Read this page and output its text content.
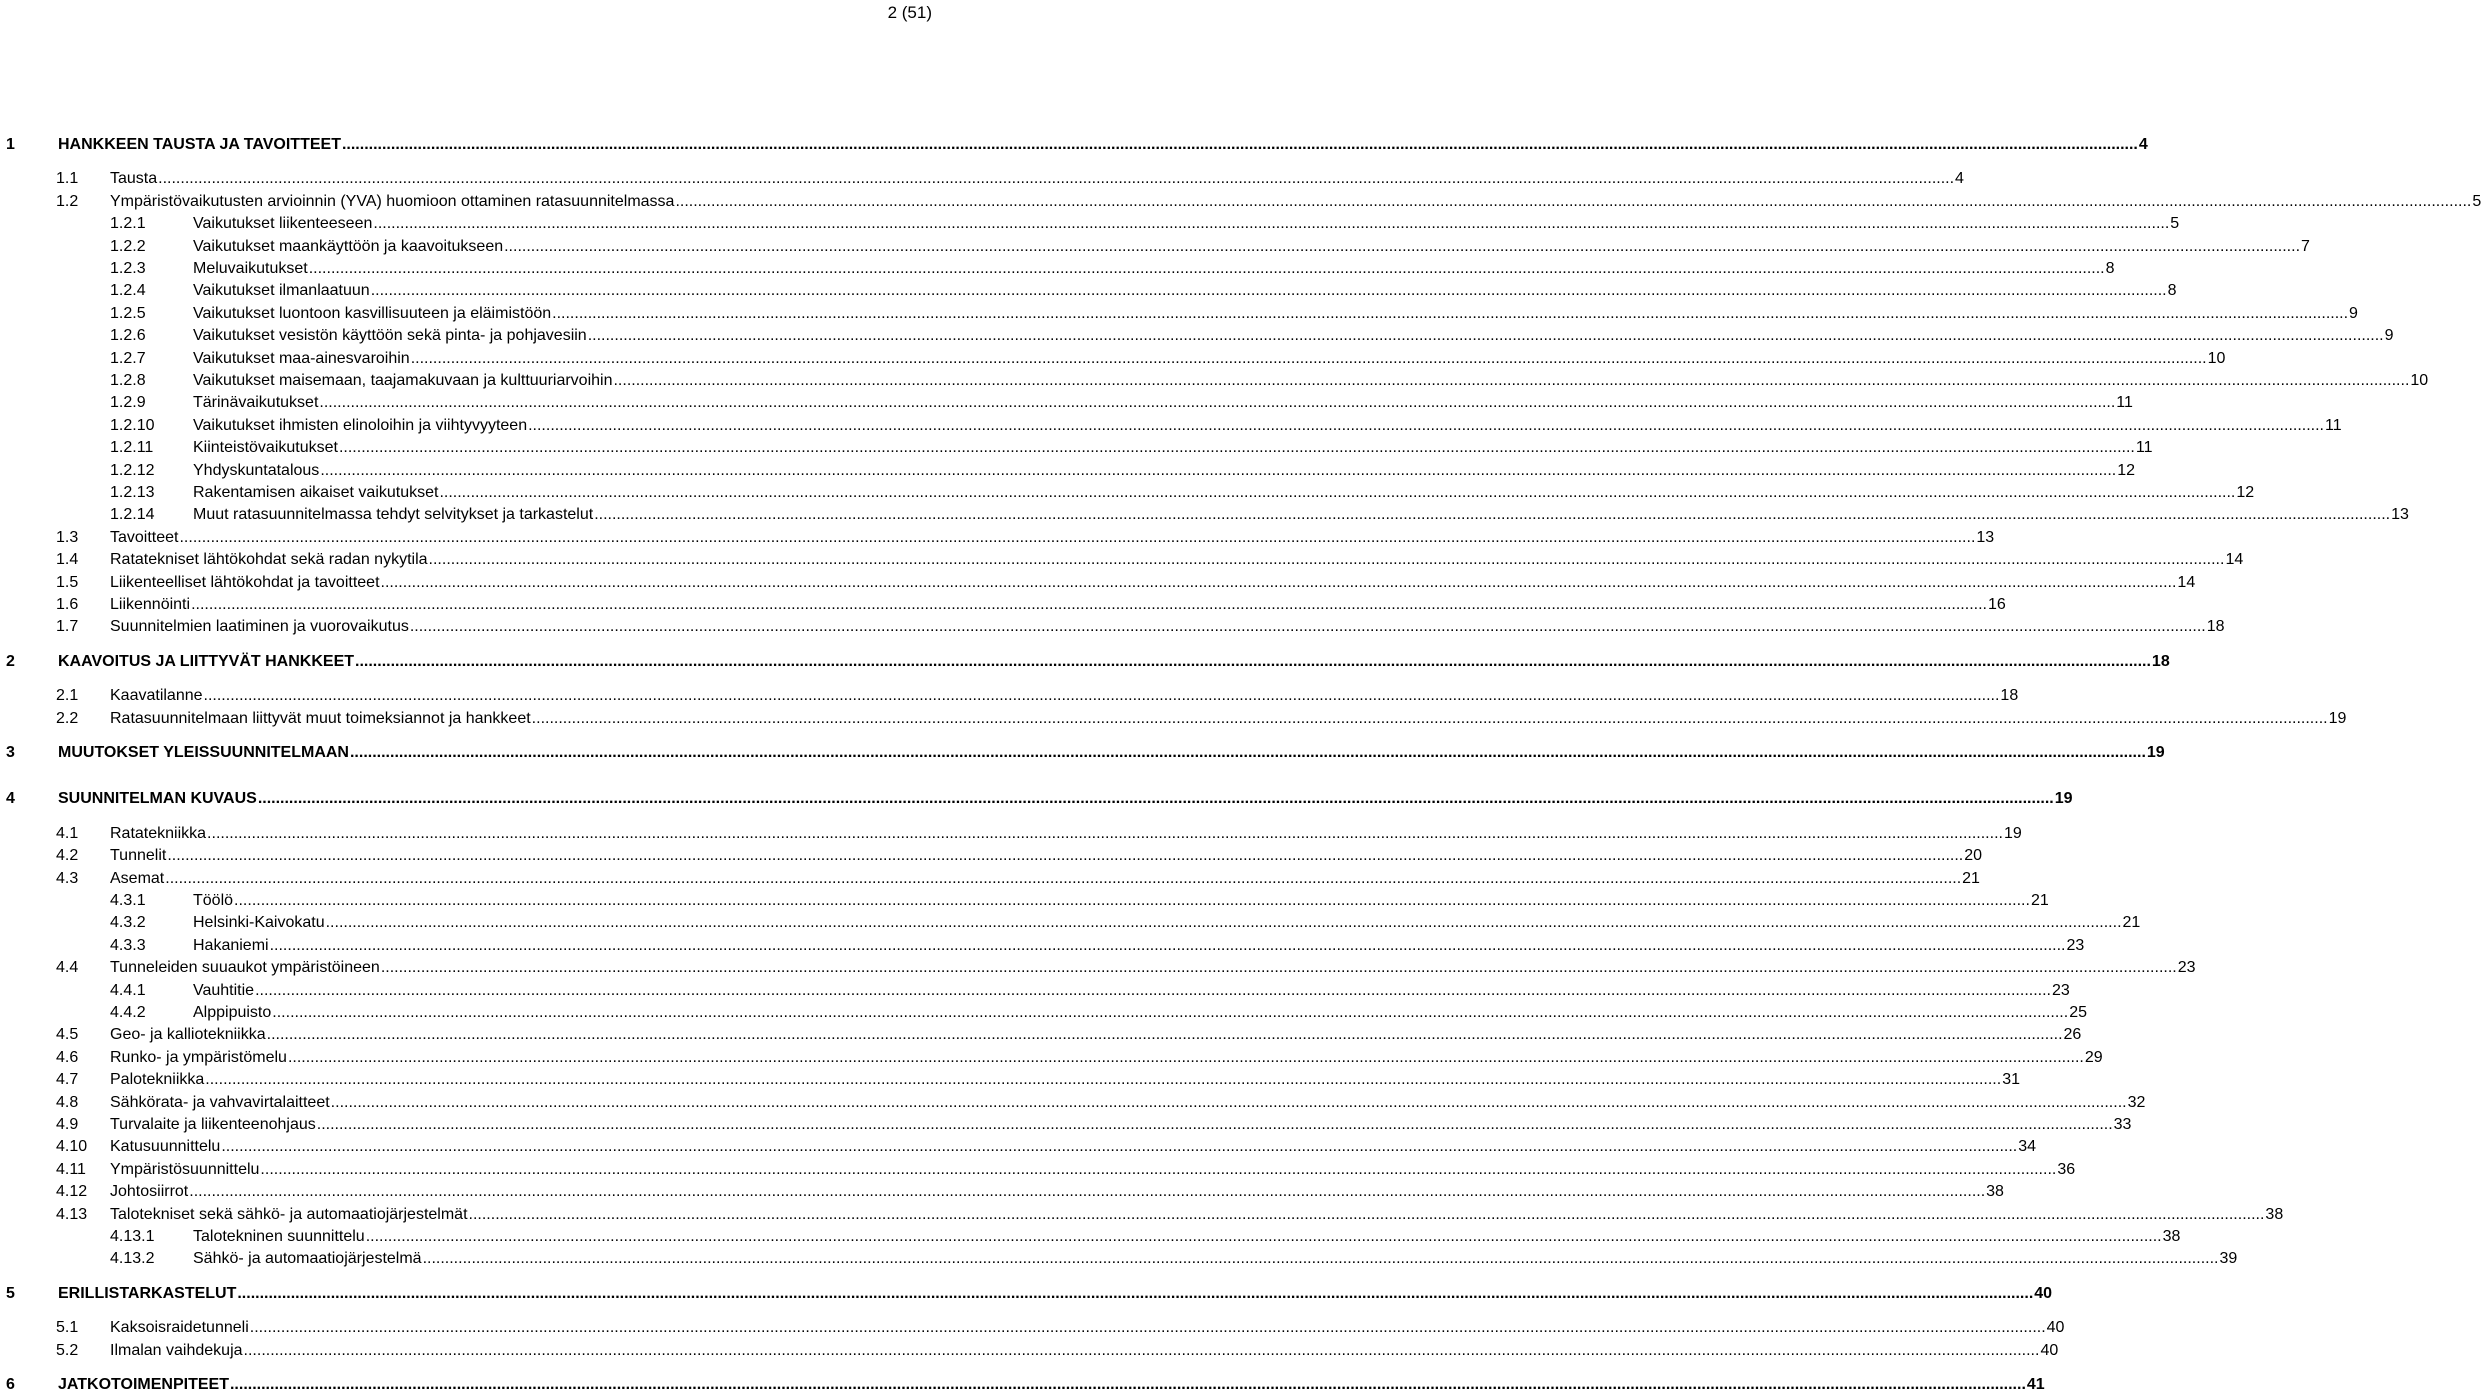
2 (51)
1	HANKKEEN TAUSTA JA TAVOITTEET .................................................................................................................................................................................................................................................................................................................................................................................................................... 4
1.1 Tausta .................................................................................................................................................................................................................................................................................................................................................................................................................... 4
1.2 Ympäristövaikutusten arvioinnin (YVA) huomioon ottaminen ratasuunnitelmassa .................................................................................................................................................................................................................................................................................................................................................................................................................... 5
1.2.1	Vaikutukset liikenteeseen .................................................................................................................................................................................................................................................................................................................................................................................................................... 5
1.2.2	Vaikutukset maankäyttöön ja kaavoitukseen .................................................................................................................................................................................................................................................................................................................................................................................................................... 7
1.2.3	Meluvaikutukset .................................................................................................................................................................................................................................................................................................................................................................................................................... 8
1.2.4	Vaikutukset ilmanlaatuun .................................................................................................................................................................................................................................................................................................................................................................................................................... 8
1.2.5	Vaikutukset luontoon kasvillisuuteen ja eläimistöön .................................................................................................................................................................................................................................................................................................................................................................................................................... 9
1.2.6	Vaikutukset vesistön käyttöön sekä pinta- ja pohjavesiin .................................................................................................................................................................................................................................................................................................................................................................................................................... 9
1.2.7	Vaikutukset maa-ainesvaroihin .................................................................................................................................................................................................................................................................................................................................................................................................................... 10
1.2.8	Vaikutukset maisemaan, taajamakuvaan ja kulttuuriarvoihin .................................................................................................................................................................................................................................................................................................................................................................................................................... 10
1.2.9	Tärinävaikutukset .................................................................................................................................................................................................................................................................................................................................................................................................................... 11
1.2.10 Vaikutukset ihmisten elinoloihin ja viihtyvyyteen .................................................................................................................................................................................................................................................................................................................................................................................................................... 11
1.2.11 Kiinteistövaikutukset .................................................................................................................................................................................................................................................................................................................................................................................................................... 11
1.2.12 Yhdyskuntatalous .................................................................................................................................................................................................................................................................................................................................................................................................................... 12
1.2.13 Rakentamisen aikaiset vaikutukset .................................................................................................................................................................................................................................................................................................................................................................................................................... 12
1.2.14 Muut ratasuunnitelmassa tehdyt selvitykset ja tarkastelut .................................................................................................................................................................................................................................................................................................................................................................................................................... 13
1.3 Tavoitteet .................................................................................................................................................................................................................................................................................................................................................................................................................... 13
1.4 Ratatekniset lähtökohdat sekä radan nykytila .................................................................................................................................................................................................................................................................................................................................................................................................................... 14
1.5 Liikenteelliset lähtökohdat ja tavoitteet .................................................................................................................................................................................................................................................................................................................................................................................................................... 14
1.6 Liikennöinti .................................................................................................................................................................................................................................................................................................................................................................................................................... 16
1.7 Suunnitelmien laatiminen ja vuorovaikutus .................................................................................................................................................................................................................................................................................................................................................................................................................... 18
2	KAAVOITUS JA LIITTYVÄT HANKKEET .................................................................................................................................................................................................................................................................................................................................................................................................................... 18
2.1 Kaavatilanne .................................................................................................................................................................................................................................................................................................................................................................................................................... 18
2.2 Ratasuunnitelmaan liittyvät muut toimeksiannot ja hankkeet .................................................................................................................................................................................................................................................................................................................................................................................................................... 19
3	MUUTOKSET YLEISSUUNNITELMAAN .................................................................................................................................................................................................................................................................................................................................................................................................................... 19
4	SUUNNITELMAN KUVAUS .................................................................................................................................................................................................................................................................................................................................................................................................................... 19
4.1 Ratatekniikka .................................................................................................................................................................................................................................................................................................................................................................................................................... 19
4.2 Tunnelit .................................................................................................................................................................................................................................................................................................................................................................................................................... 20
4.3 Asemat .................................................................................................................................................................................................................................................................................................................................................................................................................... 21
4.3.1	Töölö .................................................................................................................................................................................................................................................................................................................................................................................................................... 21
4.3.2	Helsinki-Kaivokatu .................................................................................................................................................................................................................................................................................................................................................................................................................... 21
4.3.3	Hakaniemi .................................................................................................................................................................................................................................................................................................................................................................................................................... 23
4.4 Tunneleiden suuaukot ympäristöineen .................................................................................................................................................................................................................................................................................................................................................................................................................... 23
4.4.1	Vauhtitie .................................................................................................................................................................................................................................................................................................................................................................................................................... 23
4.4.2	Alppipuisto .................................................................................................................................................................................................................................................................................................................................................................................................................... 25
4.5 Geo- ja kalliotekniikka .................................................................................................................................................................................................................................................................................................................................................................................................................... 26
4.6 Runko- ja ympäristömelu .................................................................................................................................................................................................................................................................................................................................................................................................................... 29
4.7 Palotekniikka .................................................................................................................................................................................................................................................................................................................................................................................................................... 31
4.8 Sähkörata- ja vahvavirtalaitteet .................................................................................................................................................................................................................................................................................................................................................................................................................... 32
4.9 Turvalaite ja liikenteenohjaus .................................................................................................................................................................................................................................................................................................................................................................................................................... 33
4.10 Katusuunnittelu .................................................................................................................................................................................................................................................................................................................................................................................................................... 34
4.11 Ympäristösuunnittelu .................................................................................................................................................................................................................................................................................................................................................................................................................... 36
4.12 Johtosiirrot .................................................................................................................................................................................................................................................................................................................................................................................................................... 38
4.13 Talotekniset sekä sähkö- ja automaatiojärjestelmät .................................................................................................................................................................................................................................................................................................................................................................................................................... 38
4.13.1 Talotekninen suunnittelu .................................................................................................................................................................................................................................................................................................................................................................................................................... 38
4.13.2 Sähkö- ja automaatiojärjestelmä .................................................................................................................................................................................................................................................................................................................................................................................................................... 39
5	ERILLISTARKASTELUT .................................................................................................................................................................................................................................................................................................................................................................................................................... 40
5.1 Kaksoisraidetunneli .................................................................................................................................................................................................................................................................................................................................................................................................................... 40
5.2 Ilmalan vaihdekuja .................................................................................................................................................................................................................................................................................................................................................................................................................... 40
6	JATKOTOIMENPITEET .................................................................................................................................................................................................................................................................................................................................................................................................................... 41
